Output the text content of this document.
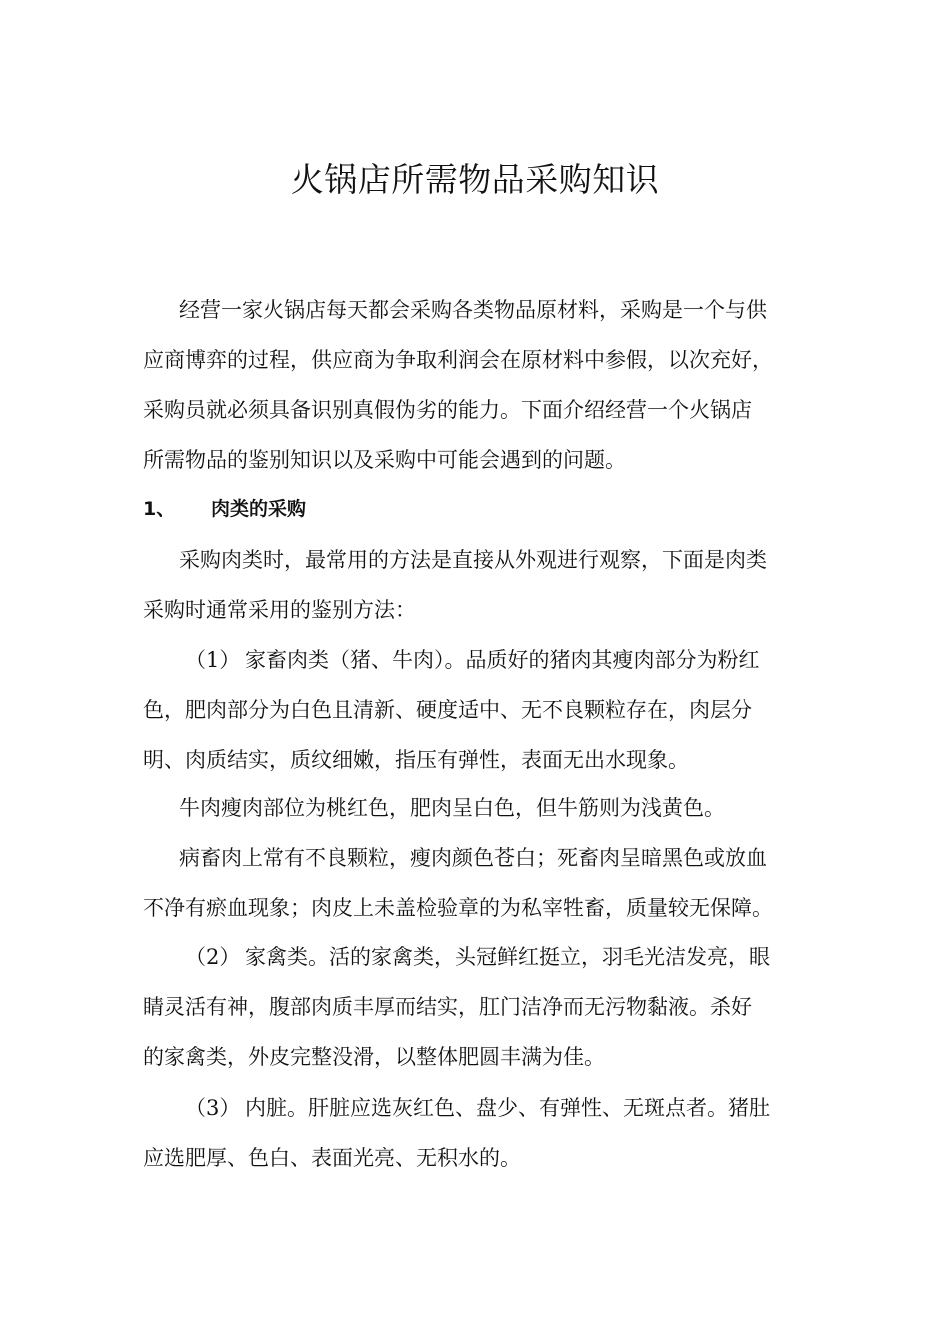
火锅店所需物品采购知识
经营一家火锅店每天都会采购各类物品原材料，采购是一个与供
应商博弈的过程，供应商为争取利润会在原材料中参假，以次充好，
采购员就必须具备识别真假伪劣的能力。下面介绍经营一个火锅店
所需物品的鉴别知识以及采购中可能会遇到的问题。
1、 肉类的采购
采购肉类时，最常用的方法是直接从外观进行观察，下面是肉类
采购时通常采用的鉴别方法：
（1） 家畜肉类（猪、牛肉）。品质好的猪肉其瘦肉部分为粉红
色，肥肉部分为白色且清新、硬度适中、无不良颗粒存在，肉层分
明、肉质结实，质纹细嫩，指压有弹性，表面无出水现象。
牛肉瘦肉部位为桃红色，肥肉呈白色，但牛筋则为浅黄色。
病畜肉上常有不良颗粒，瘦肉颜色苍白；死畜肉呈暗黑色或放血
不净有瘀血现象；肉皮上未盖检验章的为私宰牲畜，质量较无保障。
（2） 家禽类。活的家禽类，头冠鲜红挺立，羽毛光洁发亮，眼
睛灵活有神，腹部肉质丰厚而结实，肛门洁净而无污物黏液。杀好
的家禽类，外皮完整没滑，以整体肥圆丰满为佳。
（3） 内脏。肝脏应选灰红色、盘少、有弹性、无斑点者。猪肚
应选肥厚、色白、表面光亮、无积水的。
